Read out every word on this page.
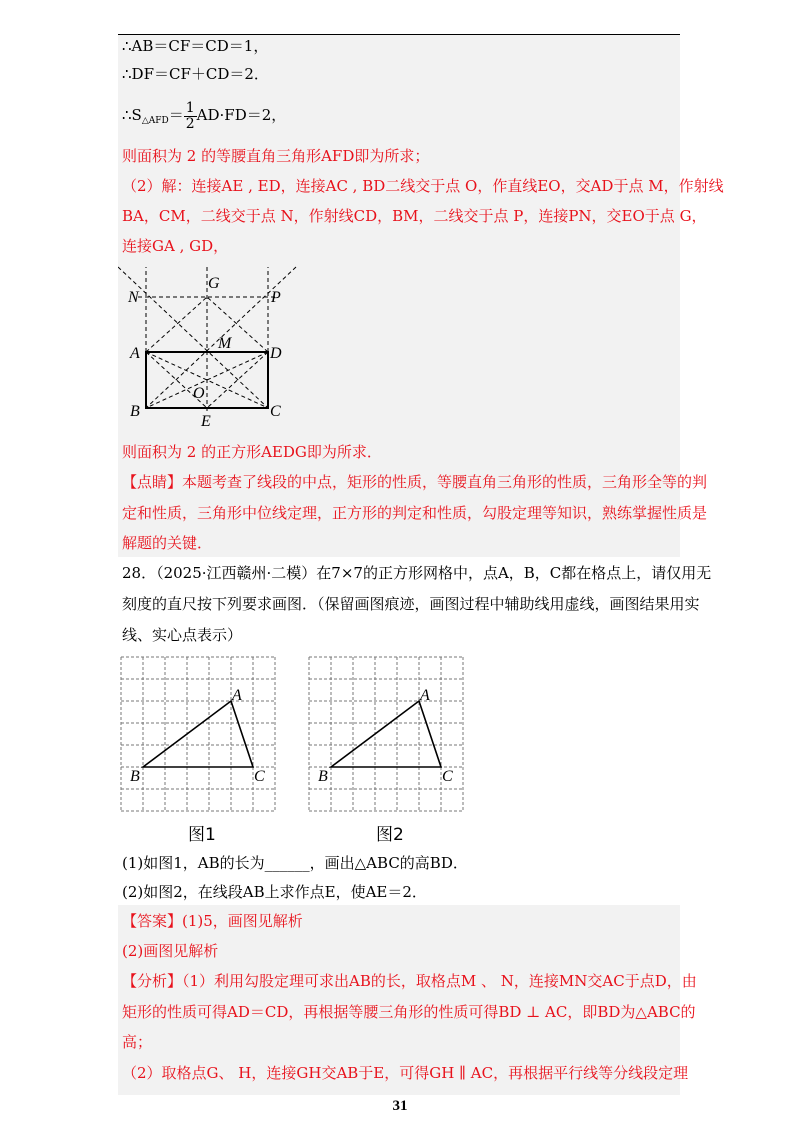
∴AB＝CF＝CD＝1，
∴DF＝CF＋CD＝2．
$\therefore S_{\triangle AFD}= \frac{1}{2} AD\cdot FD=2$，
则面积为 2 的等腰直角三角形AFD即为所求；
（2）解：连接AE , ED，连接AC , BD二线交于点 O，作直线EO，交AD于点 M，作射线
BA，CM，二线交于点 N，作射线CD，BM，二线交于点 P，连接PN，交EO于点 G，
连接GA , GD，
N
G
P
A
M
D
O
B
E
C
则面积为 2 的正方形AEDG即为所求．
【点睛】本题考查了线段的中点，矩形的性质，等腰直角三角形的性质，三角形全等的判
定和性质，三角形中位线定理，正方形的判定和性质，勾股定理等知识，熟练掌握性质是
解题的关键．
28．（2025·江西赣州·二模）在7×7的正方形网格中，点A，B，C都在格点上，请仅用无
刻度的直尺按下列要求画图．（保留画图痕迹，画图过程中辅助线用虚线，画图结果用实
线、实心点表示）
A
B	C
A
B	C
图1	图2
(1)如图1，AB的长为______，画出△ABC的高BD．
(2)如图2，在线段AB上求作点E，使AE＝2．
【答案】(1)5，画图见解析
(2)画图见解析
【分析】（1）利用勾股定理可求出AB的长，取格点M 、 N，连接MN交AC于点D，由
矩形的性质可得AD＝CD，再根据等腰三角形的性质可得BD ⊥ AC，即BD为△ABC的
高；
（2）取格点G、 H，连接GH交AB于E，可得GH ∥ AC，再根据平行线等分线段定理
31
